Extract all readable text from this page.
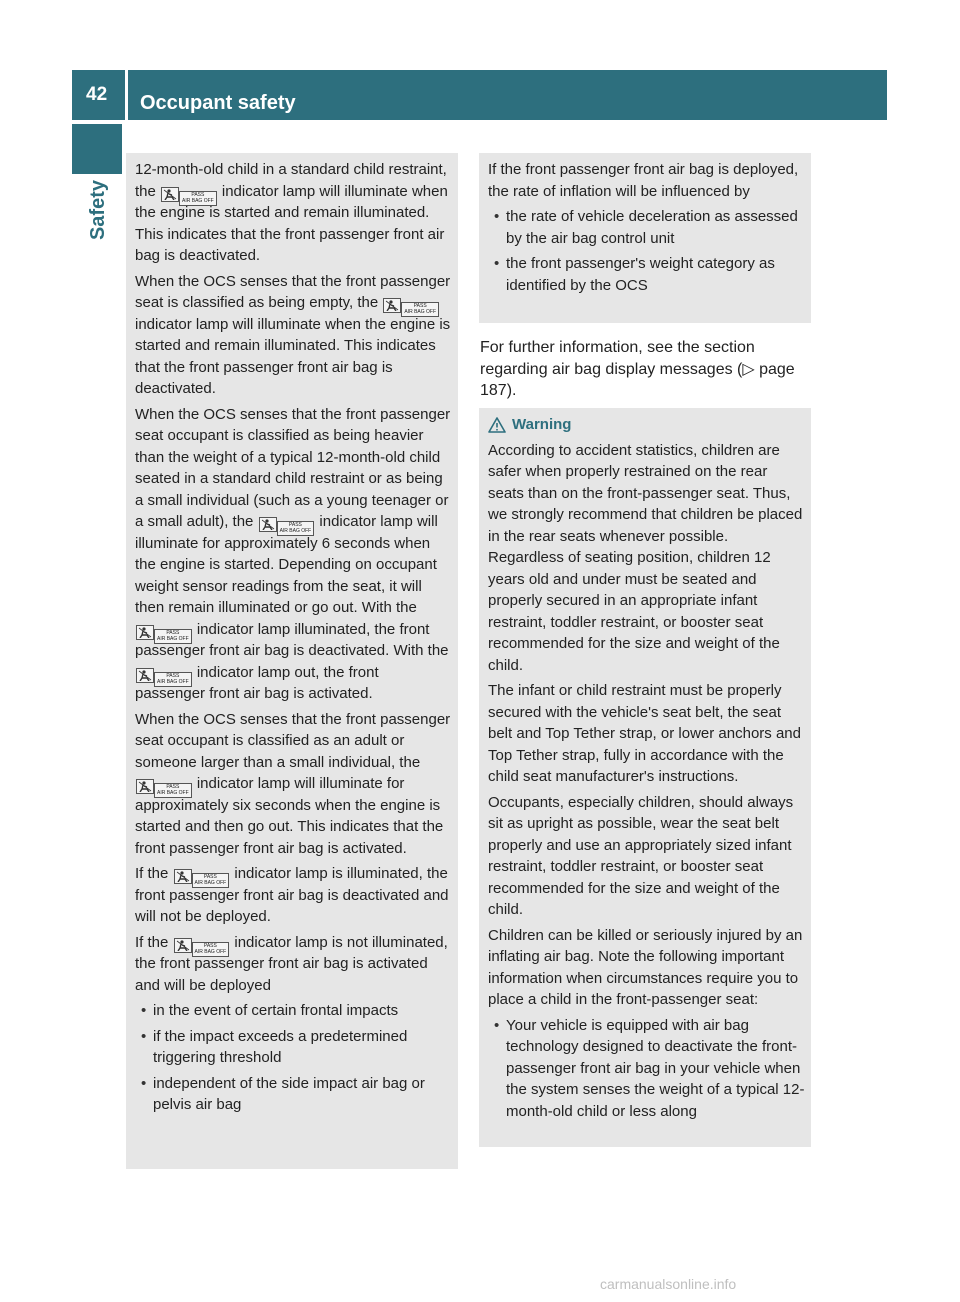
42	Occupant safety
Safety

12-month-old child in a standard child restraint, the	PASS
AIR BAG OFF indicator lamp will illuminate when the engine is started and remain illuminated. This indicates that the front passenger front air bag is deactivated.

When the OCS senses that the front passenger seat is classified as being empty, the	PASS
AIR BAG OFF indicator lamp will illuminate when the engine is started and remain illuminated. This indicates that the front passenger front air bag is deactivated.

When the OCS senses that the front passenger seat occupant is classified as being heavier than the weight of a typical 12-month-old child seated in a standard child restraint or as being a small individual (such as a young teenager or a small adult), the	PASS
AIR BAG OFF indicator lamp will illuminate for approximately 6 seconds when the engine is started. Depending on occupant weight sensor readings from the seat, it will then remain illuminated or go out. With the
PASS
AIR BAG OFF indicator lamp illuminated, the front passenger front air bag is deactivated. With the
PASS
AIR BAG OFF indicator lamp out, the front passenger front air bag is activated.

When the OCS senses that the front passenger seat occupant is classified as an adult or someone larger than a small individual, the
PASS
AIR BAG OFF indicator lamp will illuminate for approximately six seconds when the engine is started and then go out. This indicates that the front passenger front air bag is activated.

If the	PASS
AIR BAG OFF indicator lamp is illuminated, the front passenger front air bag is deactivated and will not be deployed.

If the	PASS
AIR BAG OFF indicator lamp is not illuminated, the front passenger front air bag is activated and will be deployed

• in the event of certain frontal impacts
• if the impact exceeds a predetermined triggering threshold
• independent of the side impact air bag or pelvis air bag

If the front passenger front air bag is deployed, the rate of inflation will be influenced by

• the rate of vehicle deceleration as assessed by the air bag control unit
• the front passenger's weight category as identified by the OCS
For further information, see the section regarding air bag display messages (▷ page 187).
Warning

According to accident statistics, children are safer when properly restrained on the rear seats than on the front-passenger seat. Thus, we strongly recommend that children be placed in the rear seats whenever possible. Regardless of seating position, children 12 years old and under must be seated and properly secured in an appropriate infant restraint, toddler restraint, or booster seat recommended for the size and weight of the child.

The infant or child restraint must be properly secured with the vehicle's seat belt, the seat belt and Top Tether strap, or lower anchors and Top Tether strap, fully in accordance with the child seat manufacturer's instructions.

Occupants, especially children, should always sit as upright as possible, wear the seat belt properly and use an appropriately sized infant restraint, toddler restraint, or booster seat recommended for the size and weight of the child.

Children can be killed or seriously injured by an inflating air bag. Note the following important information when circumstances require you to place a child in the front-passenger seat:

• Your vehicle is equipped with air bag technology designed to deactivate the front-passenger front air bag in your vehicle when the system senses the weight of a typical 12-month-old child or less along
carmanualsonline.info
